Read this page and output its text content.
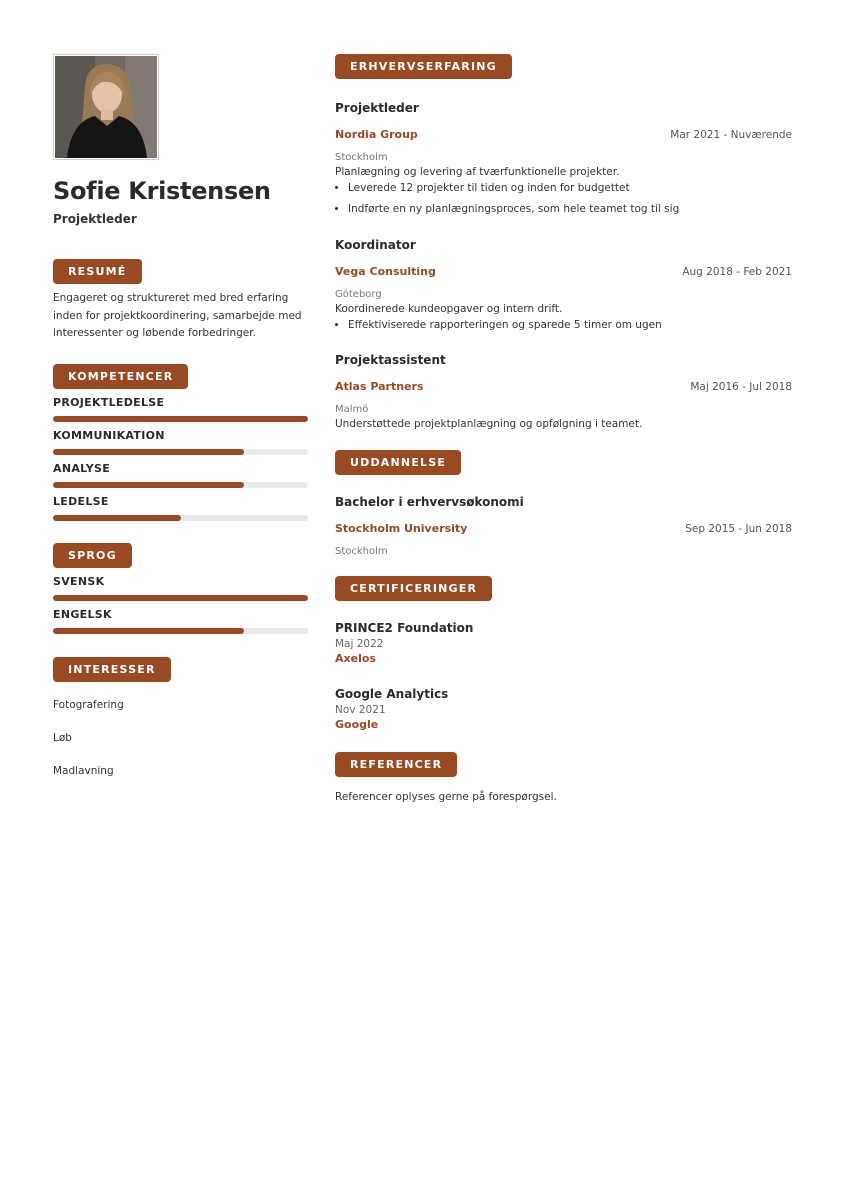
Sofie Kristensen
Projektleder
RESUMÉ
Engageret og struktureret med bred erfaring inden for projektkoordinering, samarbejde med interessenter og løbende forbedringer.
KOMPETENCER
PROJEKTLEDELSE
KOMMUNIKATION
ANALYSE
LEDELSE
SPROG
SVENSK
ENGELSK
INTERESSER
Fotografering
Løb
Madlavning
ERHVERVSERFARING
Projektleder
Nordia Group	Mar 2021 - Nuværende
Stockholm
Planlægning og levering af tværfunktionelle projekter.
• Leverede 12 projekter til tiden og inden for budgettet
• Indførte en ny planlægningsproces, som hele teamet tog til sig
Koordinator
Vega Consulting	Aug 2018 - Feb 2021
Göteborg
Koordinerede kundeopgaver og intern drift.
• Effektiviserede rapporteringen og sparede 5 timer om ugen
Projektassistent
Atlas Partners	Maj 2016 - Jul 2018
Malmö
Understøttede projektplanlægning og opfølgning i teamet.
UDDANNELSE
Bachelor i erhvervsøkonomi
Stockholm University	Sep 2015 - Jun 2018
Stockholm
CERTIFICERINGER
PRINCE2 Foundation
Maj 2022
Axelos
Google Analytics
Nov 2021
Google
REFERENCER
Referencer oplyses gerne på forespørgsel.
